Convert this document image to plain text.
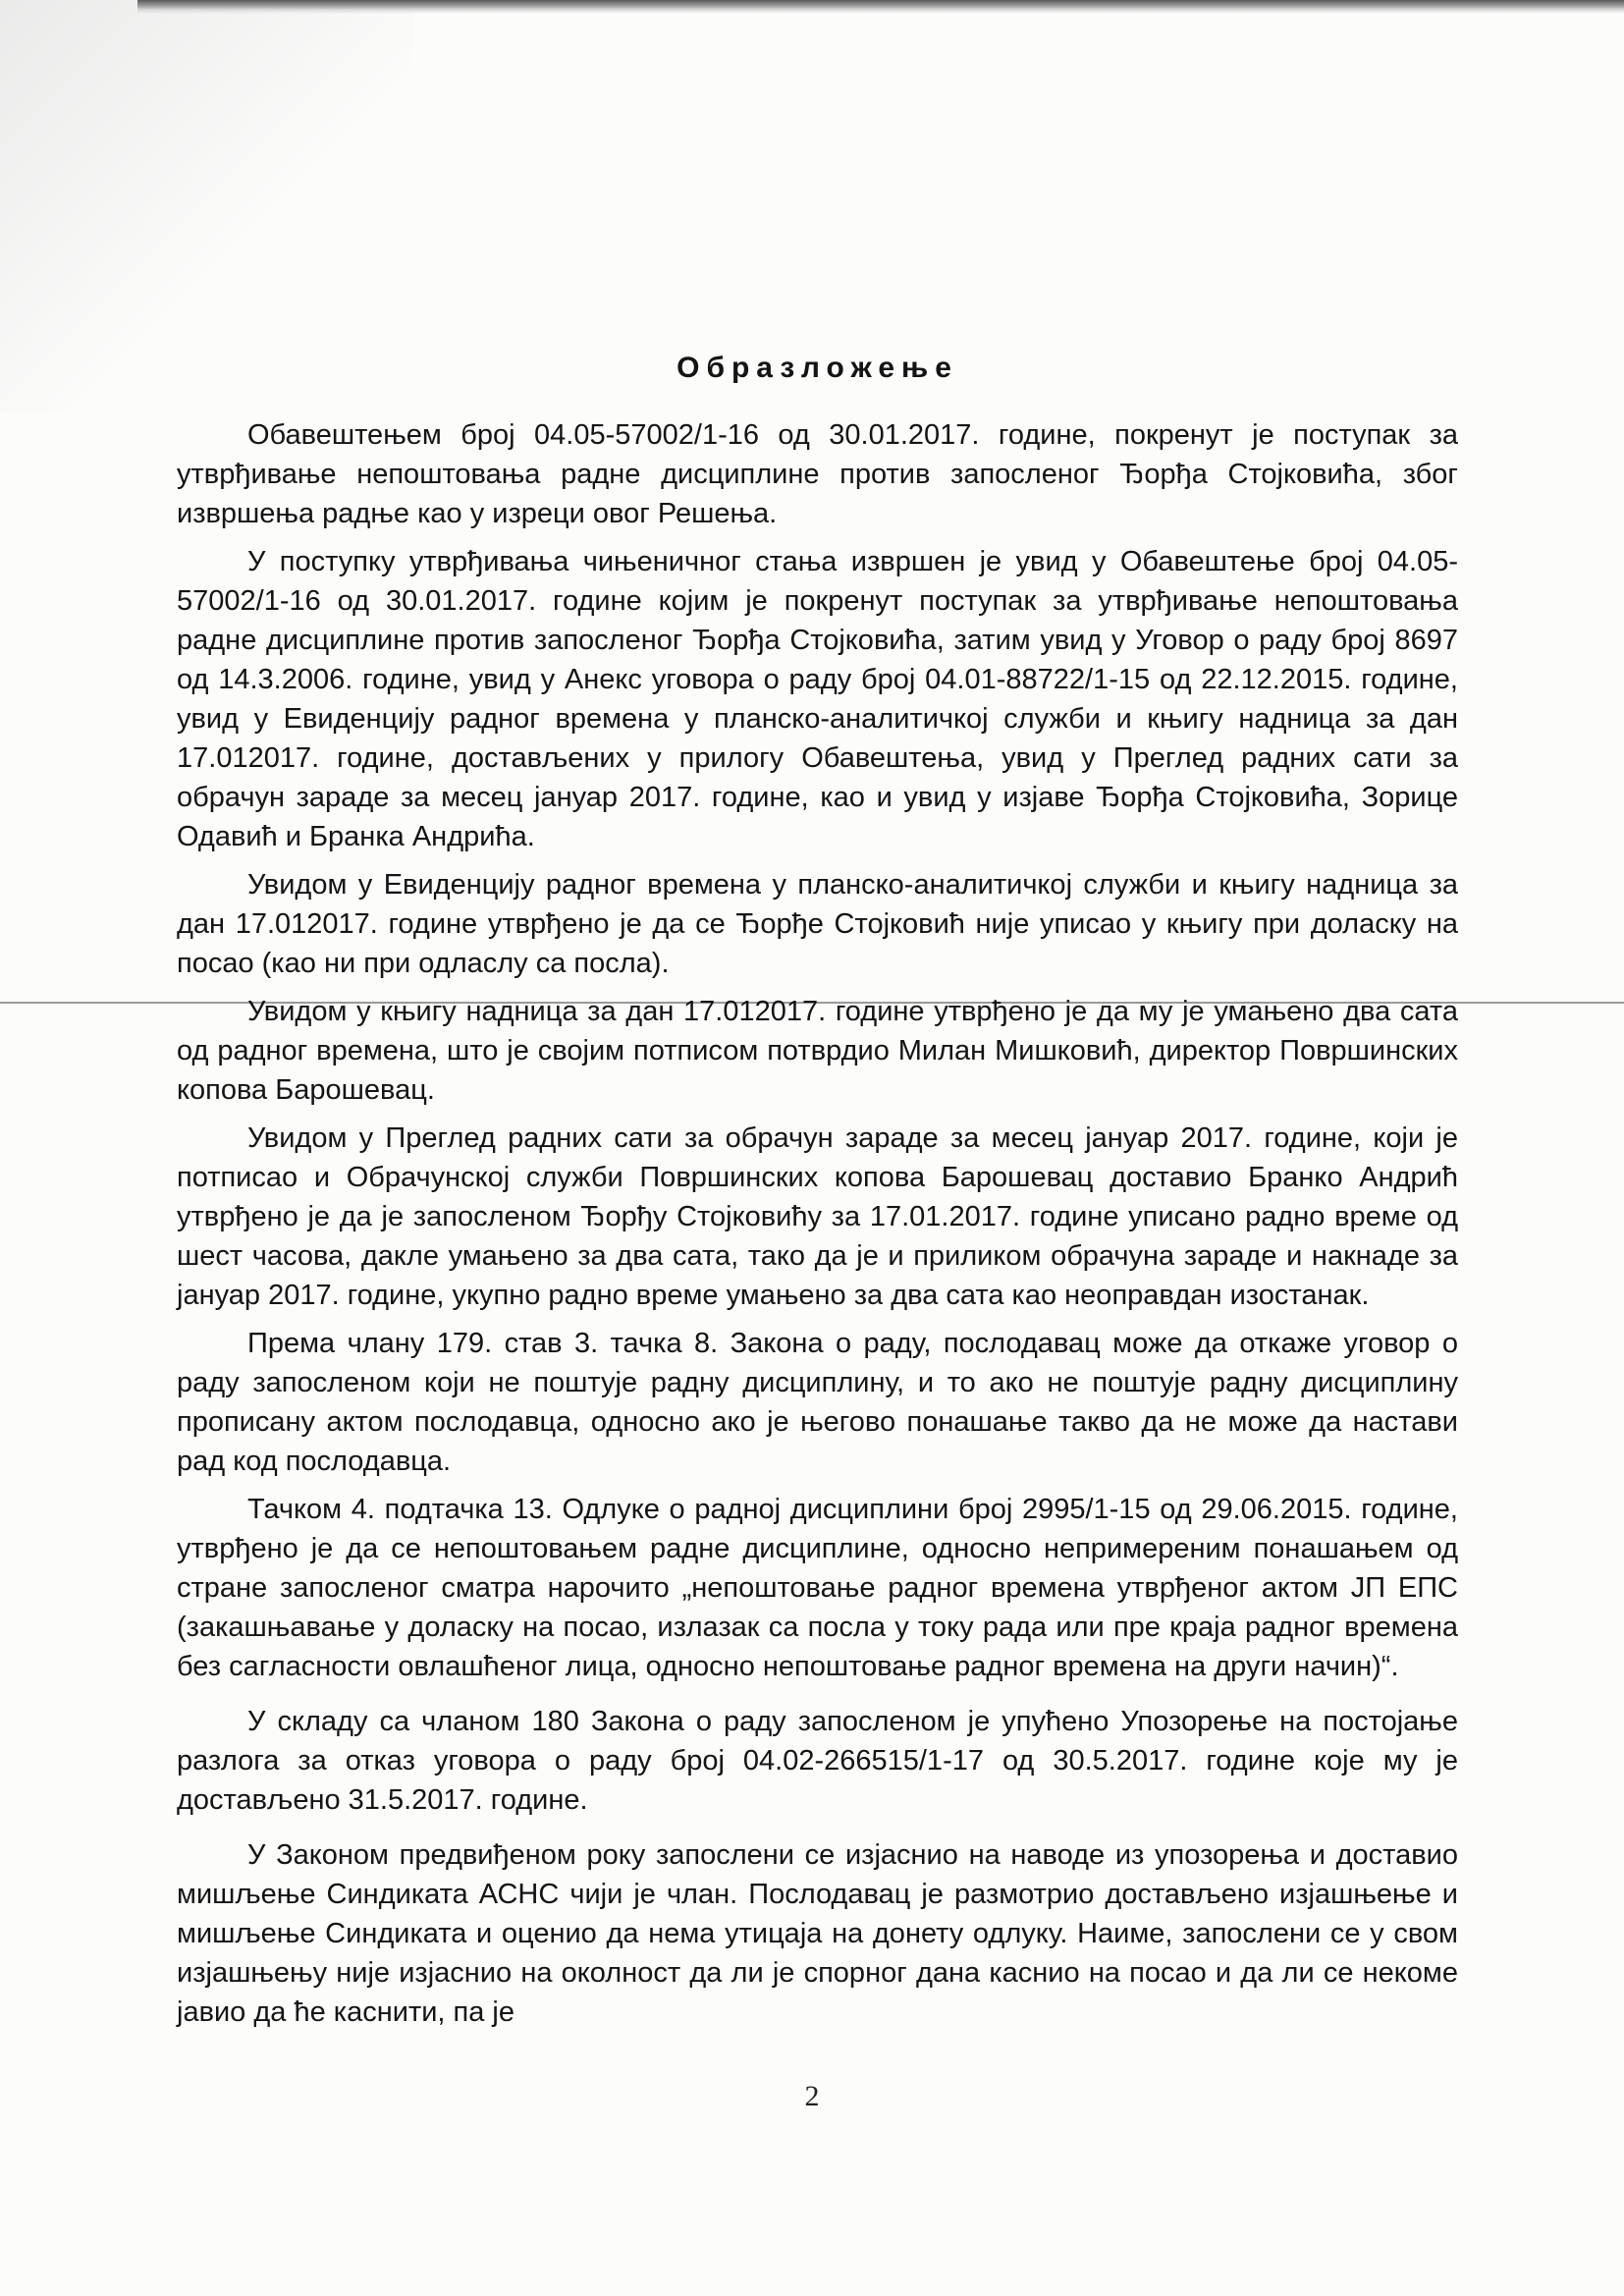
Образложење

Обавештењем број 04.05-57002/1-16 од 30.01.2017. године, покренут је поступак за утврђивање непоштовања радне дисциплине против запосленог Ђорђа Стојковића, због извршења радње као у изреци овог Решења.

У поступку утврђивања чињеничног стања извршен је увид у Обавештење број 04.05-57002/1-16 од 30.01.2017. године којим је покренут поступак за утврђивање непоштовања радне дисциплине против запосленог Ђорђа Стојковића, затим увид у Уговор о раду број 8697 од 14.3.2006. године, увид у Анекс уговора о раду број 04.01-88722/1-15 од 22.12.2015. године, увид у Евиденцију радног времена у планско-аналитичкој служби и књигу надница за дан 17.012017. године, достављених у прилогу Обавештења, увид у Преглед радних сати за обрачун зараде за месец јануар 2017. године, као и увид у изјаве Ђорђа Стојковића, Зорице Одавић и Бранка Андрића.

Увидом у Евиденцију радног времена у планско-аналитичкој служби и књигу надница за дан 17.012017. године утврђено је да се Ђорђе Стојковић није уписао у књигу при доласку на посао (као ни при одласлу са посла).

Увидом у књигу надница за дан 17.012017. године утврђено је да му је умањено два сата од радног времена, што је својим потписом потврдио Милан Мишковић, директор Површинских копова Барошевац.

Увидом у Преглед радних сати за обрачун зараде за месец јануар 2017. године, који је потписао и Обрачунској служби Површинских копова Барошевац доставио Бранко Андрић утврђено је да је запосленом Ђорђу Стојковићу за 17.01.2017. године уписано радно време од шест часова, дакле умањено за два сата, тако да је и приликом обрачуна зараде и накнаде за јануар 2017. године, укупно радно време умањено за два сата као неоправдан изостанак.

Према члану 179. став 3. тачка 8. Закона о раду, послодавац може да откаже уговор о раду запосленом који не поштује радну дисциплину, и то ако не поштује радну дисциплину прописану актом послодавца, односно ако је његово понашање такво да не може да настави рад код послодавца.

Тачком 4. подтачка 13. Одлуке о радној дисциплини број 2995/1-15 од 29.06.2015. године, утврђено је да се непоштовањем радне дисциплине, односно непримереним понашањем од стране запосленог сматра нарочито „непоштовање радног времена утврђеног актом ЈП ЕПС (закашњавање у доласку на посао, излазак са посла у току рада или пре краја радног времена без сагласности овлашћеног лица, односно непоштовање радног времена на други начин)“.

У складу са чланом 180 Закона о раду запосленом је упућено Упозорење на постојање разлога за отказ уговора о раду број 04.02-266515/1-17 од 30.5.2017. године које му је достављено 31.5.2017. године.

У Законом предвиђеном року запослени се изјаснио на наводе из упозорења и доставио мишљење Синдиката АСНС чији је члан. Послодавац је размотрио достављено изјашњење и мишљење Синдиката и оценио да нема утицаја на донету одлуку. Наиме, запослени се у свом изјашњењу није изјаснио на околност да ли је спорног дана каснио на посао и да ли се некоме јавио да ће каснити, па је

2
